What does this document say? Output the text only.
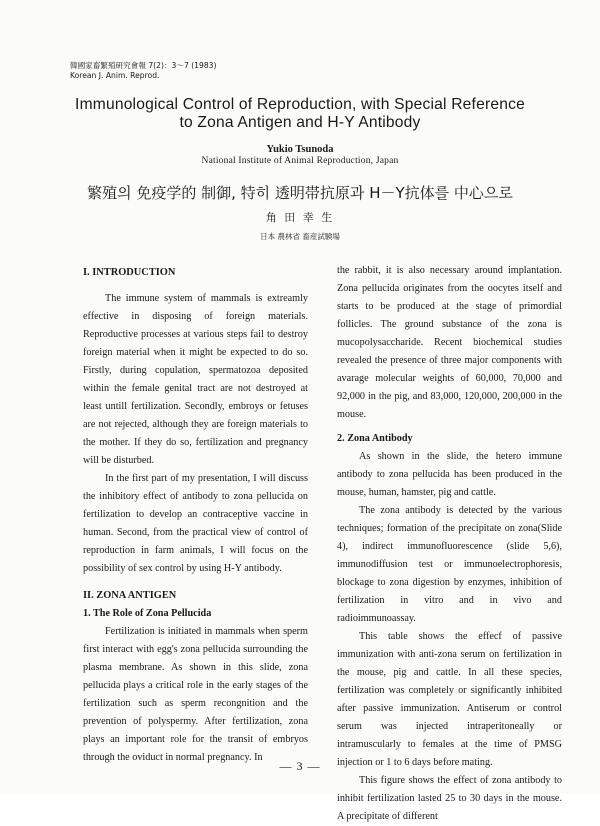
韓國家畜繁殖硏究會報 7(2)：3～7 (1983)
Korean J. Anim. Reprod.
Immunological Control of Reproduction, with Special Reference
to Zona Antigen and H-Y Antibody
Yukio Tsunoda
National Institute of Animal Reproduction, Japan
繁殖의 免疫学的 制御, 特히 透明帯抗原과 H－Y抗体를 中心으로
角 田 幸 生
日本 農林省 畜産試験場
I. INTRODUCTION

The immune system of mammals is extreamly effective in disposing of foreign materials. Reproductive processes at various steps fail to destroy foreign material when it might be expected to do so. Firstly, during copulation, spermatozoa deposited within the female genital tract are not destroyed at least untill fertilization. Secondly, embroys or fetuses are not rejected, although they are foreign materials to the mother. If they do so, fertilization and pregnancy will be disturbed.

In the first part of my presentation, I will discuss the inhibitory effect of antibody to zona pellucida on fertilization to develop an contraceptive vaccine in human. Second, from the practical view of control of reproduction in farm animals, I will focus on the possibility of sex control by using H-Y antibody.

II. ZONA ANTIGEN
1. The Role of Zona Pellucida

Fertilization is initiated in mammals when sperm first interact with egg's zona pellucida surrounding the plasma membrane. As shown in this slide, zona pellucida plays a critical role in the early stages of the fertilization such as sperm recongnition and the prevention of polyspermy. After fertilization, zona plays an important role for the transit of embryos through the oviduct in normal pregnancy. In

the rabbit, it is also necessary around implantation. Zona pellucida originates from the oocytes itself and starts to be produced at the stage of primordial follicles. The ground substance of the zona is mucopolysaccharide. Recent biochemical studies revealed the presence of three major components with avarage molecular weights of 60,000, 70,000 and 92,000 in the pig, and 83,000, 120,000, 200,000 in the mouse.

2. Zona Antibody

As shown in the slide, the hetero immune antibody to zona pellucida has been produced in the mouse, human, hamster, pig and cattle.

The zona antibody is detected by the various techniques; formation of the precipitate on zona(Slide 4), indirect immunofluorescence (slide 5,6), immunodiffusion test or immunoelectrophoresis, blockage to zona digestion by enzymes, inhibition of fertilization in vitro and in vivo and radioimmunoassay.

This table shows the effecf of passive immunization with anti-zona serum on fertilization in the mouse, pig and cattle. In all these species, fertilization was completely or significantly inhibited after passive immunization. Antiserum or control serum was injected intraperitoneally or intramuscularly to females at the time of PMSG injection or 1 to 6 days before mating.

This figure shows the effect of zona antibody to inhibit fertilization lasted 25 to 30 days in the mouse. A precipitate of different

— 3 —
